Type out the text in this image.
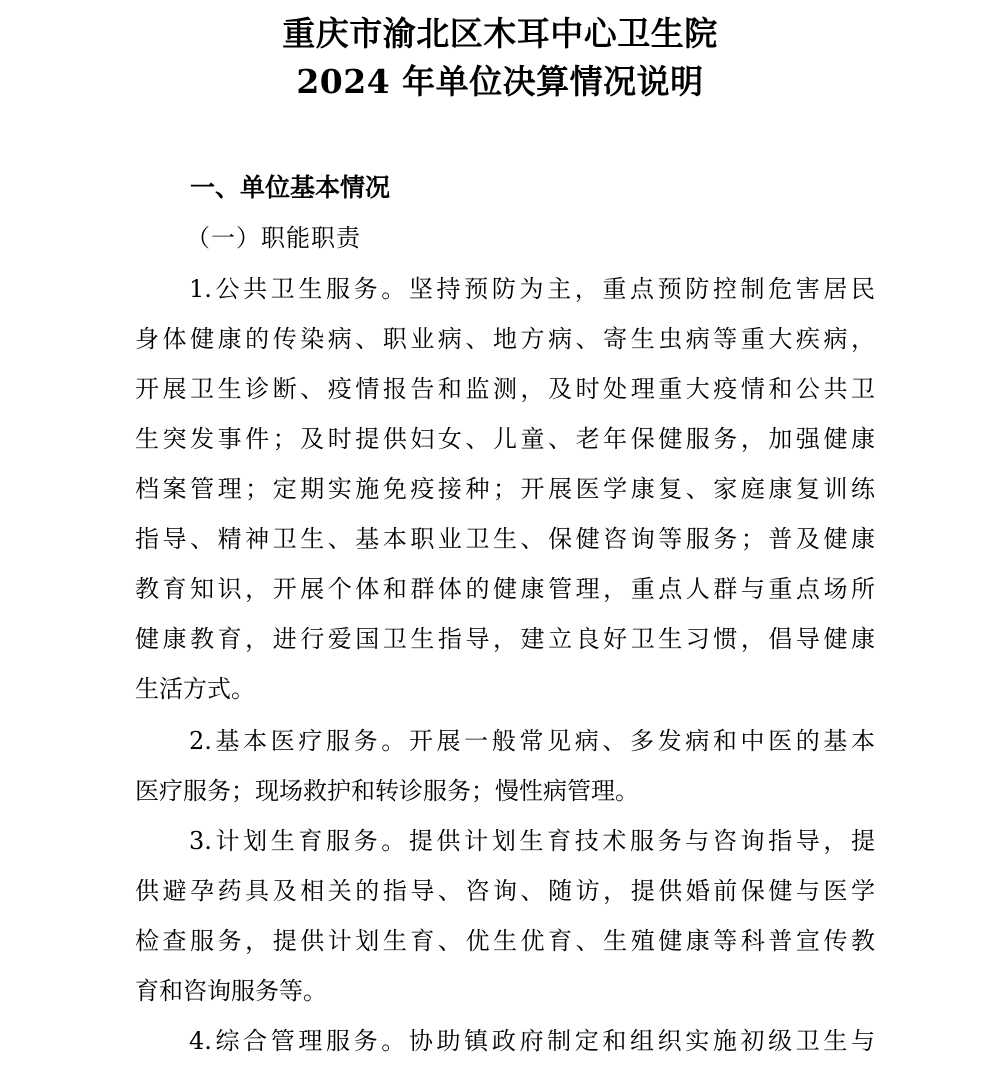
重庆市渝北区木耳中心卫生院
2024 年单位决算情况说明
一、单位基本情况
（一）职能职责
1.公共卫生服务。坚持预防为主，重点预防控制危害居民
身体健康的传染病、职业病、地方病、寄生虫病等重大疾病，
开展卫生诊断、疫情报告和监测，及时处理重大疫情和公共卫
生突发事件；及时提供妇女、儿童、老年保健服务，加强健康
档案管理；定期实施免疫接种；开展医学康复、家庭康复训练
指导、精神卫生、基本职业卫生、保健咨询等服务；普及健康
教育知识，开展个体和群体的健康管理，重点人群与重点场所
健康教育，进行爱国卫生指导，建立良好卫生习惯，倡导健康
生活方式。
2.基本医疗服务。开展一般常见病、多发病和中医的基本
医疗服务；现场救护和转诊服务；慢性病管理。
3.计划生育服务。提供计划生育技术服务与咨询指导，提
供避孕药具及相关的指导、咨询、随访，提供婚前保健与医学
检查服务，提供计划生育、优生优育、生殖健康等科普宣传教
育和咨询服务等。
4.综合管理服务。协助镇政府制定和组织实施初级卫生与
